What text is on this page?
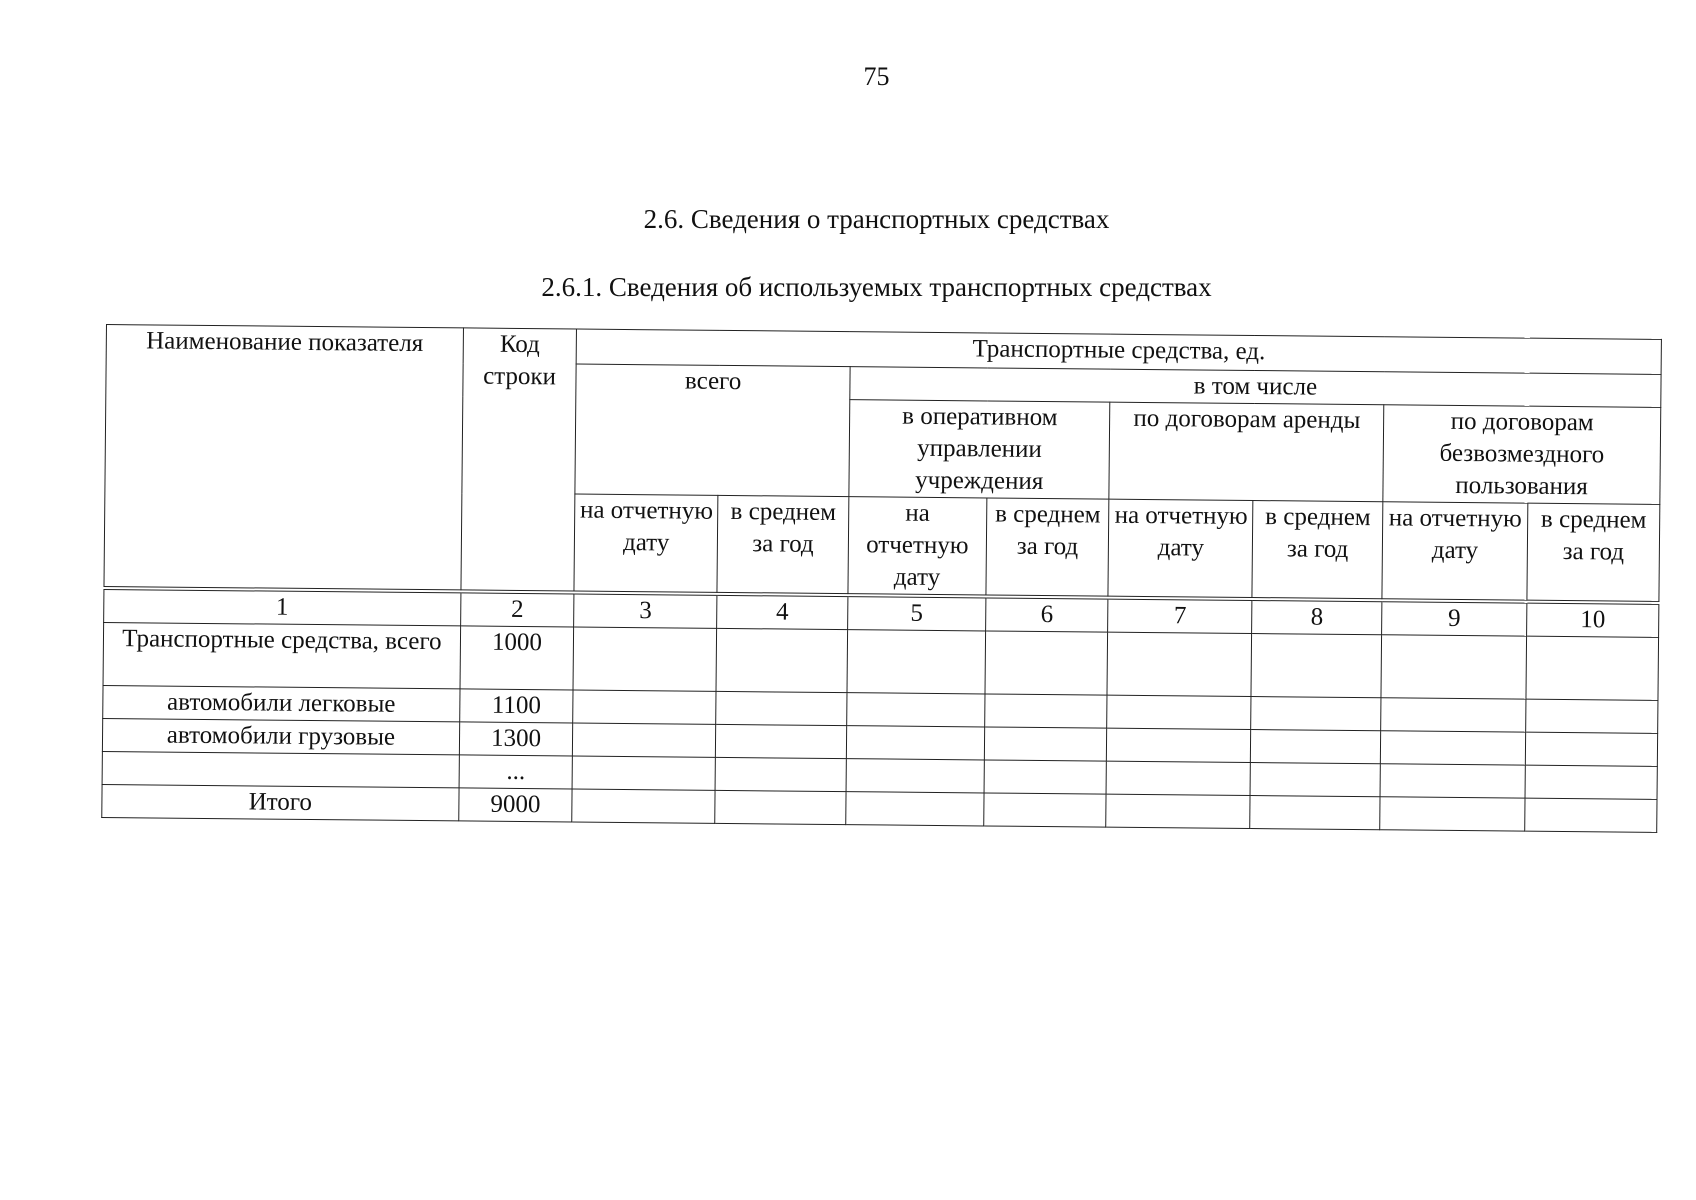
75
2.6. Сведения о транспортных средствах
2.6.1. Сведения об используемых транспортных средствах
Наименование показателя	Код строки	Транспортные средства, ед.							
		всего		в том числе					
				в оперативном управлении учреждения		по договорам аренды		по договорам безвозмездного пользования	
		на отчетную дату	в среднем за год	на отчетную дату	в среднем за год	на отчетную дату	в среднем за год	на отчетную дату	в среднем за год

1	2	3	4	5	6	7	8	9	10
Транспортные средства, всего	1000								
автомобили легковые	1100								
автомобили грузовые	1300								
	...								
Итого	9000								
